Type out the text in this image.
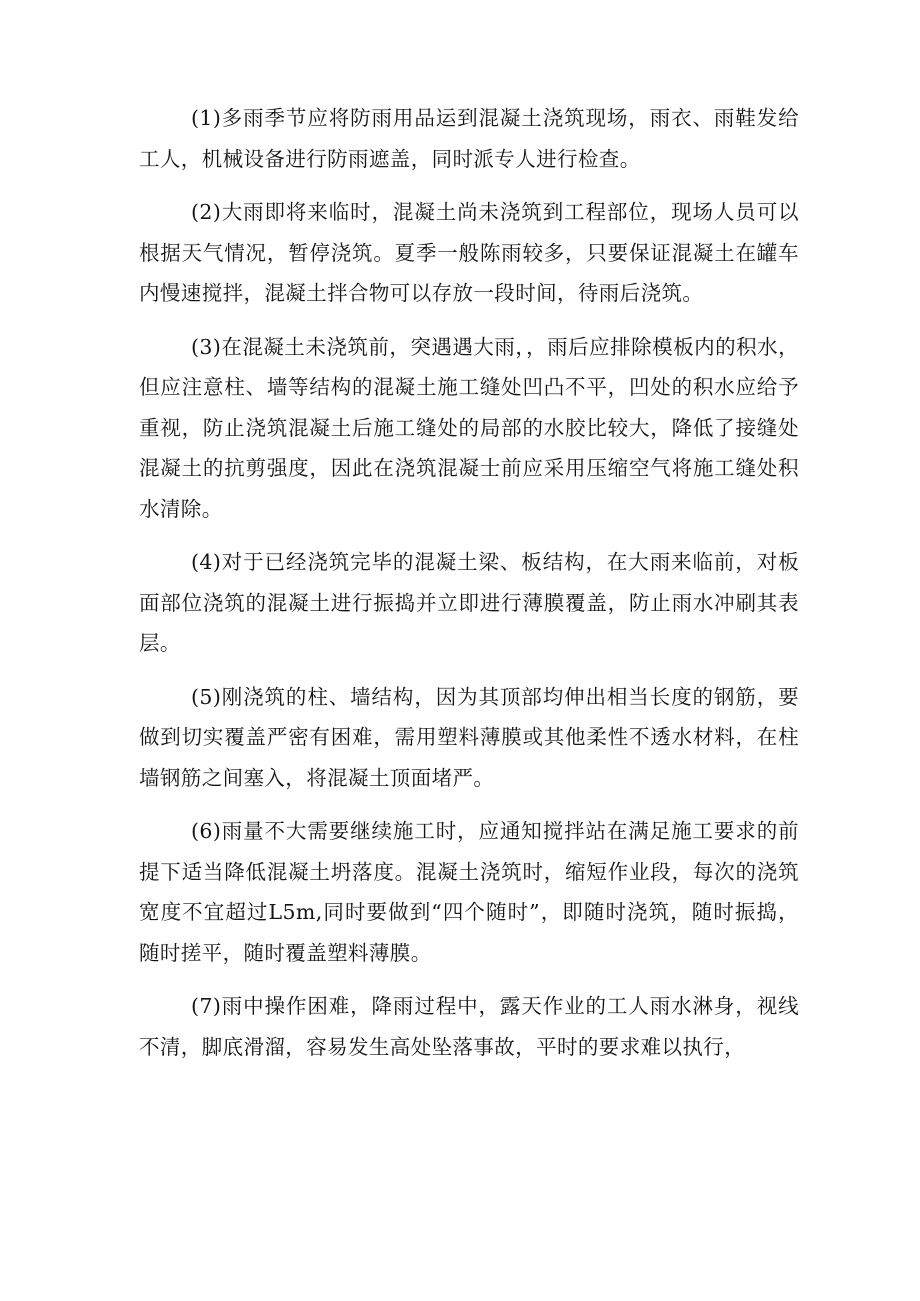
(1)多雨季节应将防雨用品运到混凝土浇筑现场，雨衣、雨鞋发给工人，机械设备进行防雨遮盖，同时派专人进行检查。

(2)大雨即将来临时，混凝土尚未浇筑到工程部位，现场人员可以根据天气情况，暂停浇筑。夏季一般陈雨较多，只要保证混凝土在罐车内慢速搅拌，混凝土拌合物可以存放一段时间，待雨后浇筑。

(3)在混凝土未浇筑前，突遇遇大雨，，雨后应排除模板内的积水，但应注意柱、墙等结构的混凝土施工缝处凹凸不平，凹处的积水应给予重视，防止浇筑混凝土后施工缝处的局部的水胶比较大，降低了接缝处混凝土的抗剪强度，因此在浇筑混凝士前应采用压缩空气将施工缝处积水清除。

(4)对于已经浇筑完毕的混凝土梁、板结构，在大雨来临前，对板面部位浇筑的混凝土进行振捣并立即进行薄膜覆盖，防止雨水冲刷其表层。

(5)刚浇筑的柱、墙结构，因为其顶部均伸出相当长度的钢筋，要做到切实覆盖严密有困难，需用塑料薄膜或其他柔性不透水材料，在柱墙钢筋之间塞入，将混凝土顶面堵严。

(6)雨量不大需要继续施工时，应通知搅拌站在满足施工要求的前提下适当降低混凝土坍落度。混凝土浇筑时，缩短作业段，每次的浇筑宽度不宜超过L5m,同时要做到“四个随时”，即随时浇筑，随时振捣，随时搓平，随时覆盖塑料薄膜。

(7)雨中操作困难，降雨过程中，露天作业的工人雨水淋身，视线不清，脚底滑溜，容易发生高处坠落事故，平时的要求难以执行，
